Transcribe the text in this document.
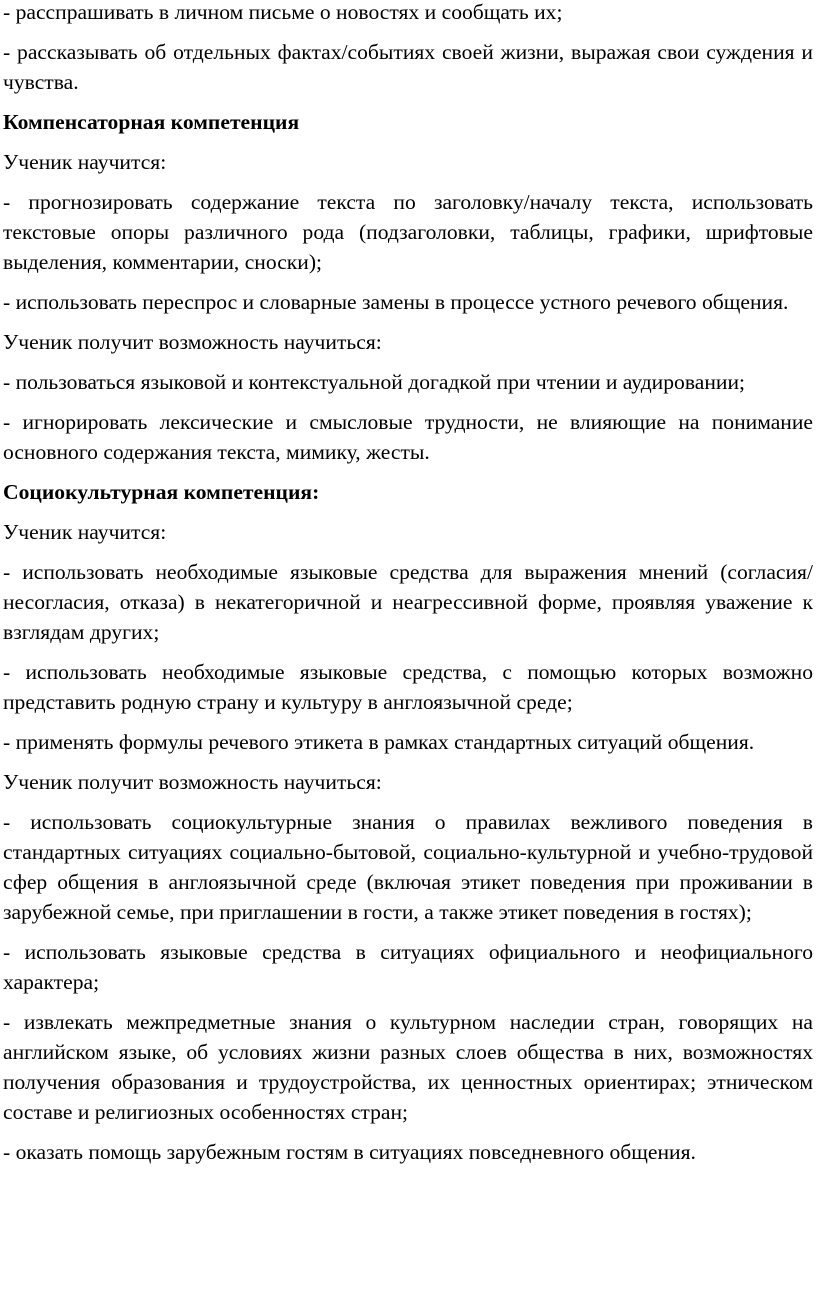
- расспрашивать в личном письме о новостях и сообщать их;

- рассказывать об отдельных фактах/событиях своей жизни, выражая свои суждения и чувства.

Компенсаторная компетенция

Ученик научится:

- прогнозировать содержание текста по заголовку/началу текста, использовать текстовые опоры различного рода (подзаголовки, таблицы, графики, шрифтовые выделения, комментарии, сноски);

- использовать переспрос и словарные замены в процессе устного речевого общения.

Ученик получит возможность научиться:

- пользоваться языковой и контекстуальной догадкой при чтении и аудировании;

- игнорировать лексические и смысловые трудности, не влияющие на понимание основного содержания текста, мимику, жесты.

Социокультурная компетенция:

Ученик научится:

- использовать необходимые языковые средства для выражения мнений (согласия/несогласия, отказа) в некатегоричной и неагрессивной форме, проявляя уважение к взглядам других;

- использовать необходимые языковые средства, с помощью которых возможно представить родную страну и культуру в англоязычной среде;

- применять формулы речевого этикета в рамках стандартных ситуаций общения.

Ученик получит возможность научиться:

- использовать социокультурные знания о правилах вежливого поведения в стандартных ситуациях социально-бытовой, социально-культурной и учебно-трудовой сфер общения в англоязычной среде (включая этикет поведения при проживании в зарубежной семье, при приглашении в гости, а также этикет поведения в гостях);

- использовать языковые средства в ситуациях официального и неофициального характера;

- извлекать межпредметные знания о культурном наследии стран, говорящих на английском языке, об условиях жизни разных слоев общества в них, возможностях получения образования и трудоустройства, их ценностных ориентирах; этническом составе и религиозных особенностях стран;

- оказать помощь зарубежным гостям в ситуациях повседневного общения.
